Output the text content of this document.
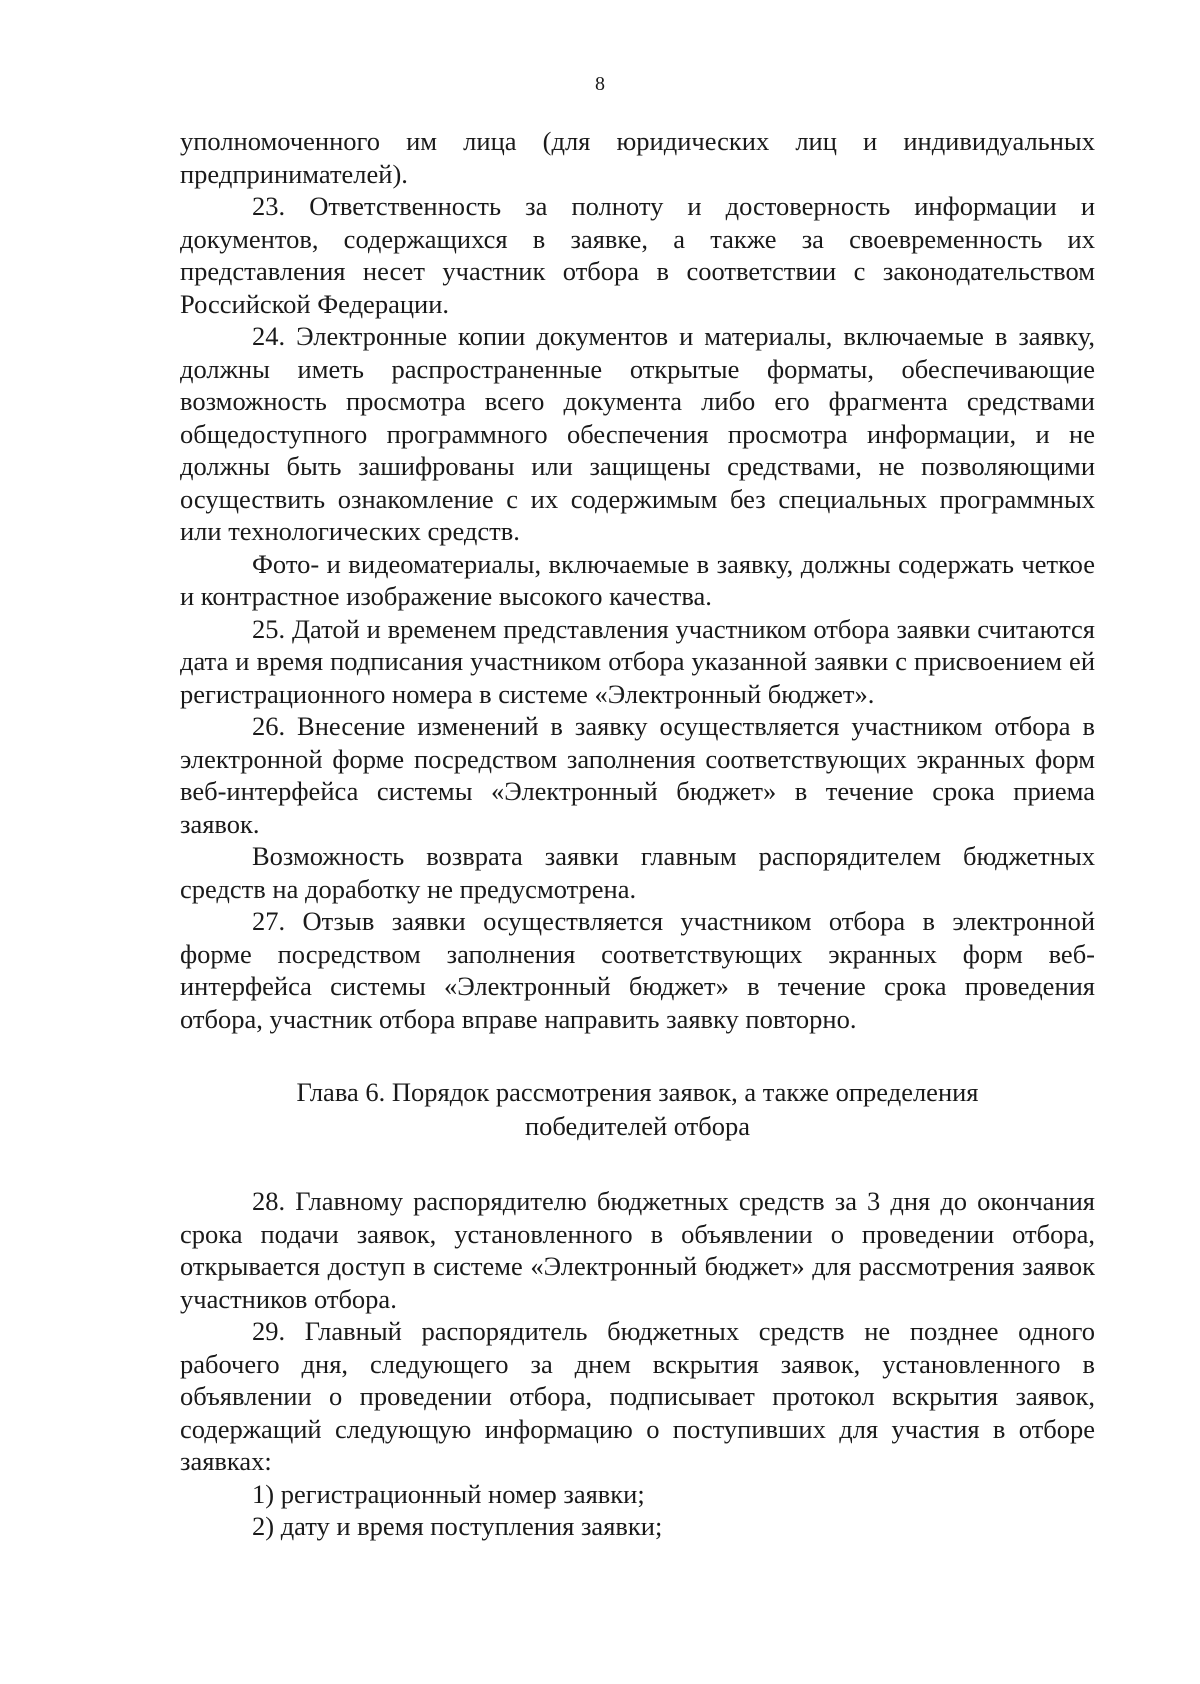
8

уполномоченного им лица (для юридических лиц и индивидуальных предпринимателей).

23. Ответственность за полноту и достоверность информации и документов, содержащихся в заявке, а также за своевременность их представления несет участник отбора в соответствии с законодательством Российской Федерации.

24. Электронные копии документов и материалы, включаемые в заявку, должны иметь распространенные открытые форматы, обеспечивающие возможность просмотра всего документа либо его фрагмента средствами общедоступного программного обеспечения просмотра информации, и не должны быть зашифрованы или защищены средствами, не позволяющими осуществить ознакомление с их содержимым без специальных программных или технологических средств.

Фото- и видеоматериалы, включаемые в заявку, должны содержать четкое и контрастное изображение высокого качества.

25. Датой и временем представления участником отбора заявки считаются дата и время подписания участником отбора указанной заявки с присвоением ей регистрационного номера в системе «Электронный бюджет».

26. Внесение изменений в заявку осуществляется участником отбора в электронной форме посредством заполнения соответствующих экранных форм веб-интерфейса системы «Электронный бюджет» в течение срока приема заявок.

Возможность возврата заявки главным распорядителем бюджетных средств на доработку не предусмотрена.

27. Отзыв заявки осуществляется участником отбора в электронной форме посредством заполнения соответствующих экранных форм веб-интерфейса системы «Электронный бюджет» в течение срока проведения отбора, участник отбора вправе направить заявку повторно.

Глава 6. Порядок рассмотрения заявок, а также определения
победителей отбора

28. Главному распорядителю бюджетных средств за 3 дня до окончания срока подачи заявок, установленного в объявлении о проведении отбора, открывается доступ в системе «Электронный бюджет» для рассмотрения заявок участников отбора.

29. Главный распорядитель бюджетных средств не позднее одного рабочего дня, следующего за днем вскрытия заявок, установленного в объявлении о проведении отбора, подписывает протокол вскрытия заявок, содержащий следующую информацию о поступивших для участия в отборе заявках:

1) регистрационный номер заявки;

2) дату и время поступления заявки;
